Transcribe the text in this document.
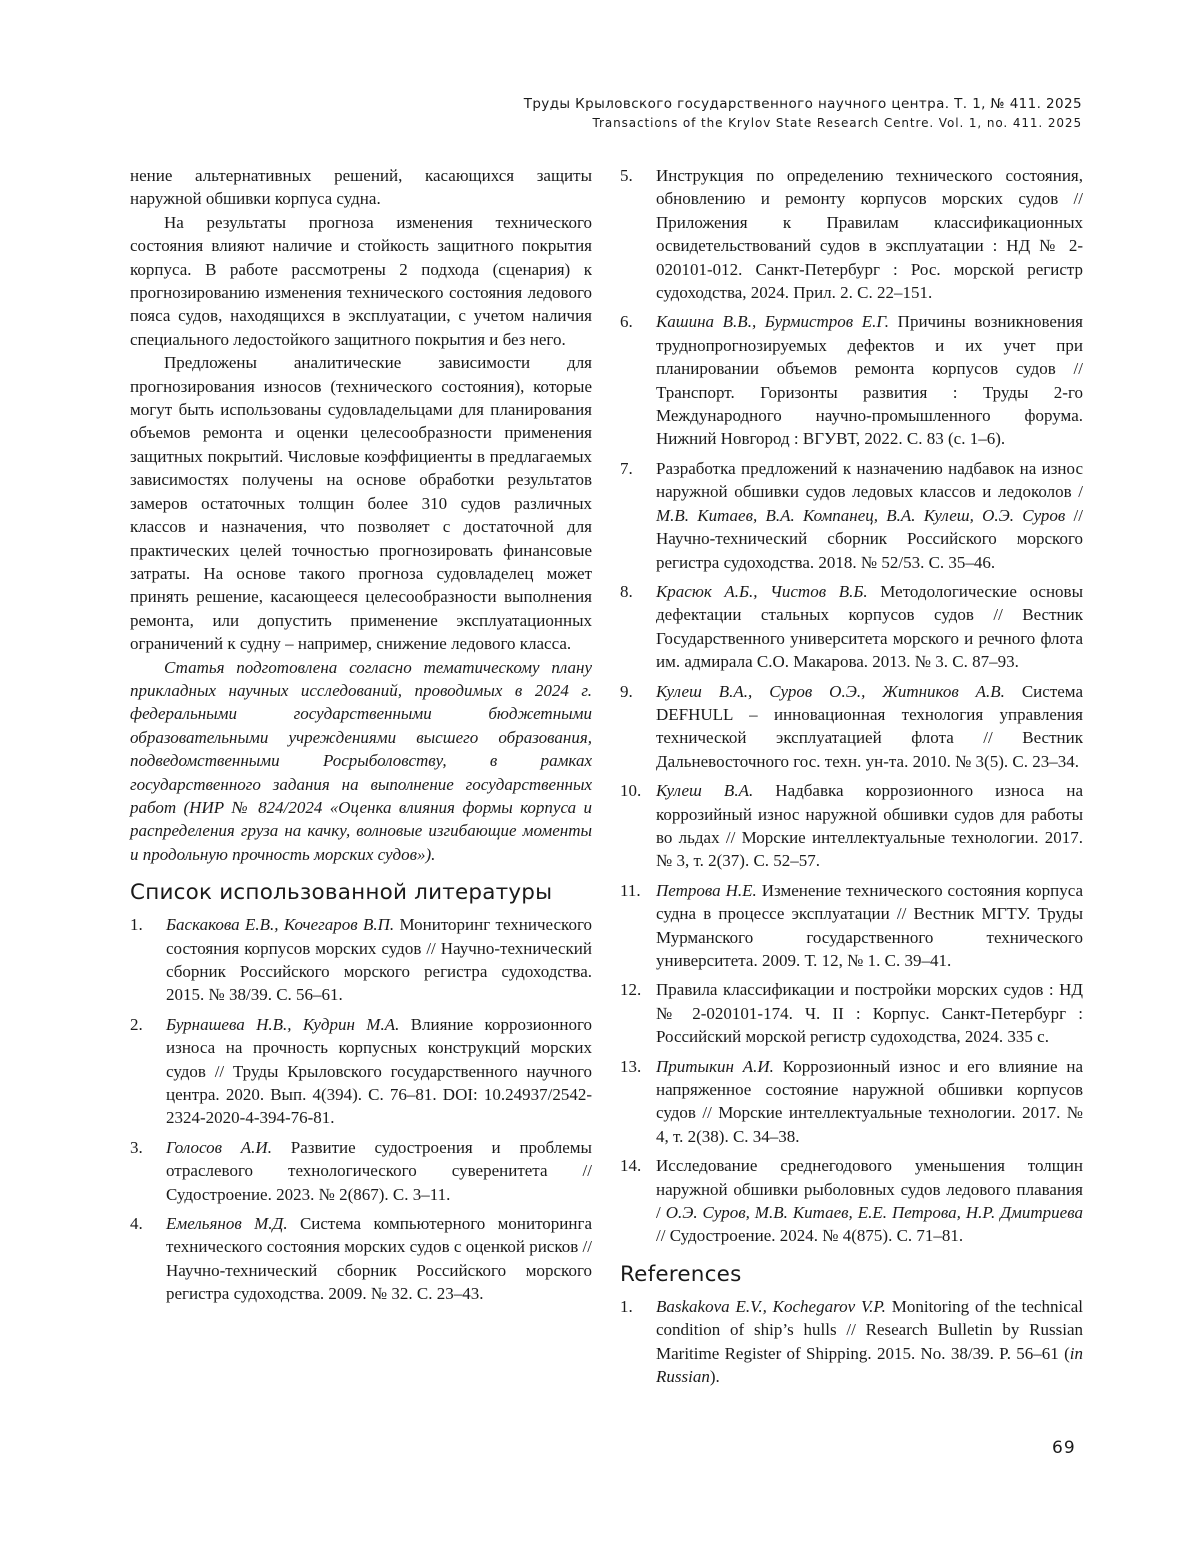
Труды Крыловского государственного научного центра. Т. 1, № 411. 2025
Transactions of the Krylov State Research Centre. Vol. 1, no. 411. 2025

нение альтернативных решений, касающихся защиты наружной обшивки корпуса судна.

На результаты прогноза изменения технического состояния влияют наличие и стойкость защитного покрытия корпуса. В работе рассмотрены 2 подхода (сценария) к прогнозированию изменения технического состояния ледового пояса судов, находящихся в эксплуатации, с учетом наличия специального ледостойкого защитного покрытия и без него.

Предложены аналитические зависимости для прогнозирования износов (технического состояния), которые могут быть использованы судовладельцами для планирования объемов ремонта и оценки целесообразности применения защитных покрытий. Числовые коэффициенты в предлагаемых зависимостях получены на основе обработки результатов замеров остаточных толщин более 310 судов различных классов и назначения, что позволяет с достаточной для практических целей точностью прогнозировать финансовые затраты. На основе такого прогноза судовладелец может принять решение, касающееся целесообразности выполнения ремонта, или допустить применение эксплуатационных ограничений к судну – например, снижение ледового класса.

Статья подготовлена согласно тематическому плану прикладных научных исследований, проводимых в 2024 г. федеральными государственными бюджетными образовательными учреждениями высшего образования, подведомственными Росрыболовству, в рамках государственного задания на выполнение государственных работ (НИР № 824/2024 «Оценка влияния формы корпуса и распределения груза на качку, волновые изгибающие моменты и продольную прочность морских судов»).

Список использованной литературы
1. Баскакова Е.В., Кочегаров В.П. Мониторинг технического состояния корпусов морских судов // Научно-технический сборник Российского морского регистра судоходства. 2015. № 38/39. С. 56–61.
2. Бурнашева Н.В., Кудрин М.А. Влияние коррозионного износа на прочность корпусных конструкций морских судов // Труды Крыловского государственного научного центра. 2020. Вып. 4(394). С. 76–81. DOI: 10.24937/2542-2324-2020-4-394-76-81.
3. Голосов А.И. Развитие судостроения и проблемы отраслевого технологического суверенитета // Судостроение. 2023. № 2(867). С. 3–11.
4. Емельянов М.Д. Система компьютерного мониторинга технического состояния морских судов с оценкой рисков // Научно-технический сборник Российского морского регистра судоходства. 2009. № 32. С. 23–43.
5. Инструкция по определению технического состояния, обновлению и ремонту корпусов морских судов // Приложения к Правилам классификационных освидетельствований судов в эксплуатации : НД № 2-020101-012. Санкт-Петербург : Рос. морской регистр судоходства, 2024. Прил. 2. С. 22–151.
6. Кашина В.В., Бурмистров Е.Г. Причины возникновения труднопрогнозируемых дефектов и их учет при планировании объемов ремонта корпусов судов // Транспорт. Горизонты развития : Труды 2-го Международного научно-промышленного форума. Нижний Новгород : ВГУВТ, 2022. С. 83 (с. 1–6).
7. Разработка предложений к назначению надбавок на износ наружной обшивки судов ледовых классов и ледоколов / М.В. Китаев, В.А. Компанец, В.А. Кулеш, О.Э. Суров // Научно-технический сборник Российского морского регистра судоходства. 2018. № 52/53. С. 35–46.
8. Красюк А.Б., Чистов В.Б. Методологические основы дефектации стальных корпусов судов // Вестник Государственного университета морского и речного флота им. адмирала С.О. Макарова. 2013. № 3. С. 87–93.
9. Кулеш В.А., Суров О.Э., Житников А.В. Система DEFHULL – инновационная технология управления технической эксплуатацией флота // Вестник Дальневосточного гос. техн. ун-та. 2010. № 3(5). С. 23–34.
10. Кулеш В.А. Надбавка коррозионного износа на коррозийный износ наружной обшивки судов для работы во льдах // Морские интеллектуальные технологии. 2017. № 3, т. 2(37). С. 52–57.
11. Петрова Н.Е. Изменение технического состояния корпуса судна в процессе эксплуатации // Вестник МГТУ. Труды Мурманского государственного технического университета. 2009. Т. 12, № 1. С. 39–41.
12. Правила классификации и постройки морских судов : НД № 2-020101-174. Ч. II : Корпус. Санкт-Петербург : Российский морской регистр судоходства, 2024. 335 с.
13. Притыкин А.И. Коррозионный износ и его влияние на напряженное состояние наружной обшивки корпусов судов // Морские интеллектуальные технологии. 2017. № 4, т. 2(38). С. 34–38.
14. Исследование среднегодового уменьшения толщин наружной обшивки рыболовных судов ледового плавания / О.Э. Суров, М.В. Китаев, Е.Е. Петрова, Н.Р. Дмитриева // Судостроение. 2024. № 4(875). С. 71–81.
References
1. Baskakova E.V., Kochegarov V.P. Monitoring of the technical condition of ship’s hulls // Research Bulletin by Russian Maritime Register of Shipping. 2015. No. 38/39. P. 56–61 (in Russian).
69
